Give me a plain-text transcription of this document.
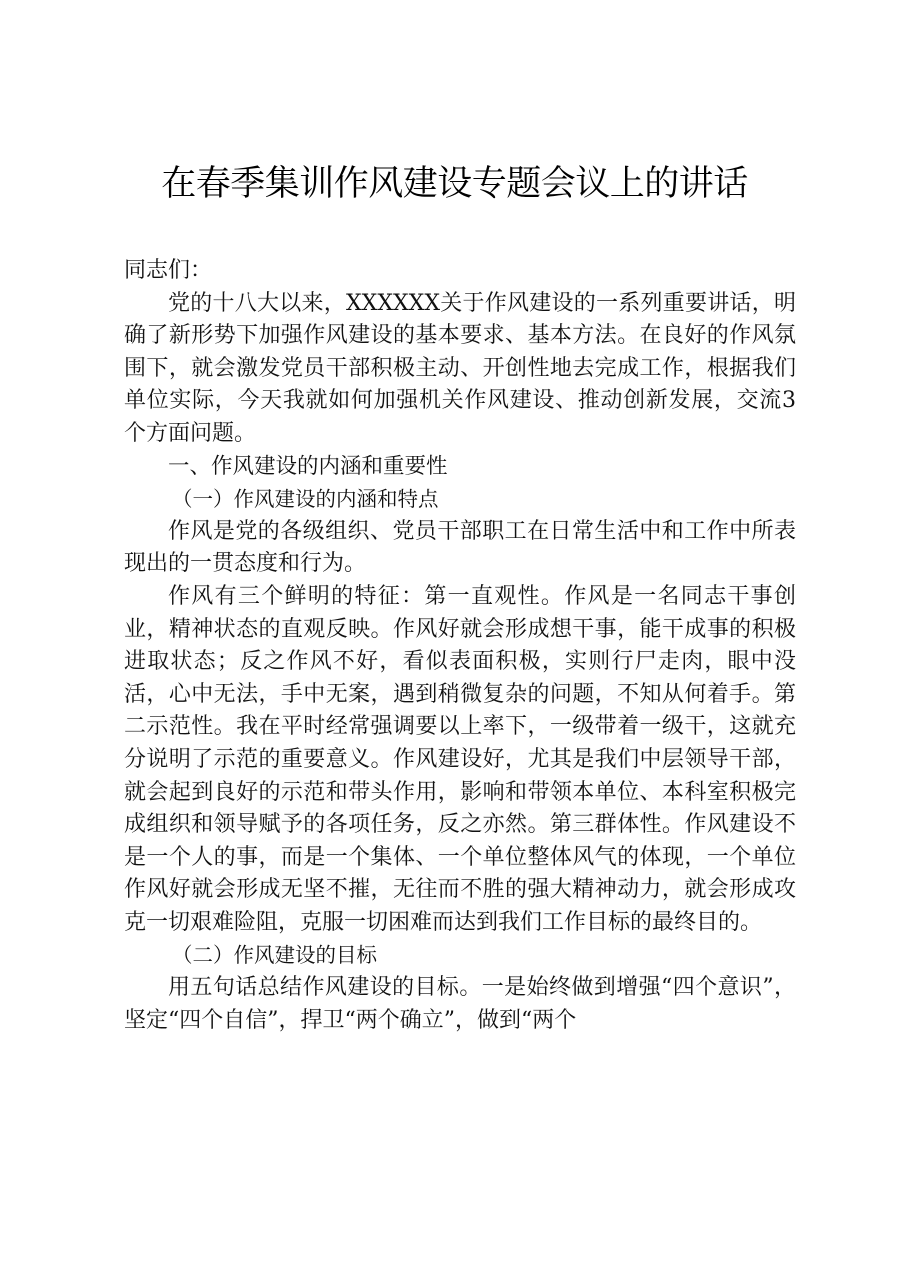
在春季集训作风建设专题会议上的讲话

同志们：

党的十八大以来，XXXXXX关于作风建设的一系列重要讲话，明确了新形势下加强作风建设的基本要求、基本方法。在良好的作风氛围下，就会激发党员干部积极主动、开创性地去完成工作，根据我们单位实际，今天我就如何加强机关作风建设、推动创新发展，交流3个方面问题。

一、作风建设的内涵和重要性

（一）作风建设的内涵和特点

作风是党的各级组织、党员干部职工在日常生活中和工作中所表现出的一贯态度和行为。

作风有三个鲜明的特征：第一直观性。作风是一名同志干事创业，精神状态的直观反映。作风好就会形成想干事，能干成事的积极进取状态；反之作风不好，看似表面积极，实则行尸走肉，眼中没活，心中无法，手中无案，遇到稍微复杂的问题，不知从何着手。第二示范性。我在平时经常强调要以上率下，一级带着一级干，这就充分说明了示范的重要意义。作风建设好，尤其是我们中层领导干部，就会起到良好的示范和带头作用，影响和带领本单位、本科室积极完成组织和领导赋予的各项任务，反之亦然。第三群体性。作风建设不是一个人的事，而是一个集体、一个单位整体风气的体现，一个单位作风好就会形成无坚不摧，无往而不胜的强大精神动力，就会形成攻克一切艰难险阻，克服一切困难而达到我们工作目标的最终目的。

（二）作风建设的目标

用五句话总结作风建设的目标。一是始终做到增强“四个意识”，坚定“四个自信”，捍卫“两个确立”，做到“两个
